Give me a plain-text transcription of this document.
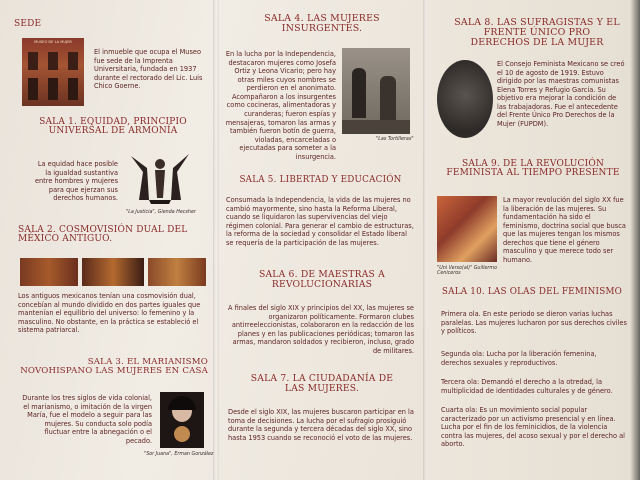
SEDE
MUSEO DE LA MUJER

El inmueble que ocupa el Museo fue sede de la Imprenta Universitaria, fundada en 1937 durante el rectorado del Lic. Luis Chico Goerne.

SALA 1. EQUIDAD, PRINCIPIO UNIVERSAL DE ARMONÍA

La equidad hace posible la igualdad sustantiva entre hombres y mujeres para que ejerzan sus derechos humanos.

"La Justicia", Glenda Hecsher
SALA 2. COSMOVISIÓN DUAL DEL MÉXICO ANTIGUO.

Los antiguos mexicanos tenían una cosmovisión dual, concebían al mundo dividido en dos partes iguales que mantenían el equilibrio del universo: lo femenino y la masculino. No obstante, en la práctica se estableció el sistema patriarcal.

SALA 3. EL MARIANISMO NOVOHISPANO LAS MUJERES EN CASA

Durante los tres siglos de vida colonial, el marianismo, o imitación de la virgen María, fue el modelo a seguir para las mujeres. Su conducta solo podía fluctuar entre la abnegación o el pecado.

"Sor Juana", Erman González
SALA 4. LAS MUJERES INSURGENTES.

En la lucha por la Independencia, destacaron mujeres como Josefa Ortiz y Leona Vicario; pero hay otras miles cuyos nombres se perdieron en el anonimato. Acompañaron a los insurgentes como cocineras, alimentadoras y curanderas; fueron espías y mensajeras, tomaron las armas y también fueron botín de guerra, violadas, encarceladas o ejecutadas para someter a la insurgencia.

"Las Tortilleras"
SALA 5. LIBERTAD Y EDUCACIÓN

Consumada la Independencia, la vida de las mujeres no cambió mayormente, sino hasta la Reforma Liberal, cuando se liquidaron las supervivencias del viejo régimen colonial. Para generar el cambio de estructuras, la reforma de la sociedad y consolidar el Estado liberal se requería de la participación de las mujeres.

SALA 6. DE MAESTRAS A REVOLUCIONARIAS

A finales del siglo XIX y principios del XX, las mujeres se organizaron políticamente. Formaron clubes antirreeleccionistas, colaboraron en la redacción de los planes y en las publicaciones periódicas; tomaron las armas, mandaron soldados y recibieron, incluso, grado de militares.

SALA 7. LA CIUDADANÍA DE LAS MUJERES.

Desde el siglo XIX, las mujeres buscaron participar en la toma de decisiones. La lucha por el sufragio prosiguió durante la segunda y tercera décadas del siglo XX, sino hasta 1953 cuando se reconoció el voto de las mujeres.

SALA 8. LAS SUFRAGISTAS Y EL FRENTE ÚNICO PRO DERECHOS DE LA MUJER

El Consejo Feminista Mexicano se creó el 10 de agosto de 1919. Estuvo dirigido por las maestras comunistas Elena Torres y Refugio García. Su objetivo era mejorar la condición de las trabajadoras. Fue el antecedente del Frente Único Pro Derechos de la Mujer (FUPDM).

SALA 9. DE LA REVOLUCIÓN FEMINISTA AL TIEMPO PRESENTE
"Uni Verso(al)" Guillermo Ceniceros

La mayor revolución del siglo XX fue la liberación de las mujeres. Su fundamentación ha sido el feminismo, doctrina social que busca que las mujeres tengan los mismos derechos que tiene el género masculino y que merece todo ser humano.

SALA 10. LAS OLAS DEL FEMINISMO

Primera ola. En este periodo se dieron varias luchas paralelas. Las mujeres lucharon por sus derechos civiles y políticos.

Segunda ola: Lucha por la liberación femenina, derechos sexuales y reproductivos.

Tercera ola: Demandó el derecho a la otredad, la multiplicidad de identidades culturales y de género.

Cuarta ola: Es un movimiento social popular caracterizado por un activismo presencial y en línea. Lucha por el fin de los feminicidios, de la violencia contra las mujeres, del acoso sexual y por el derecho al aborto.
